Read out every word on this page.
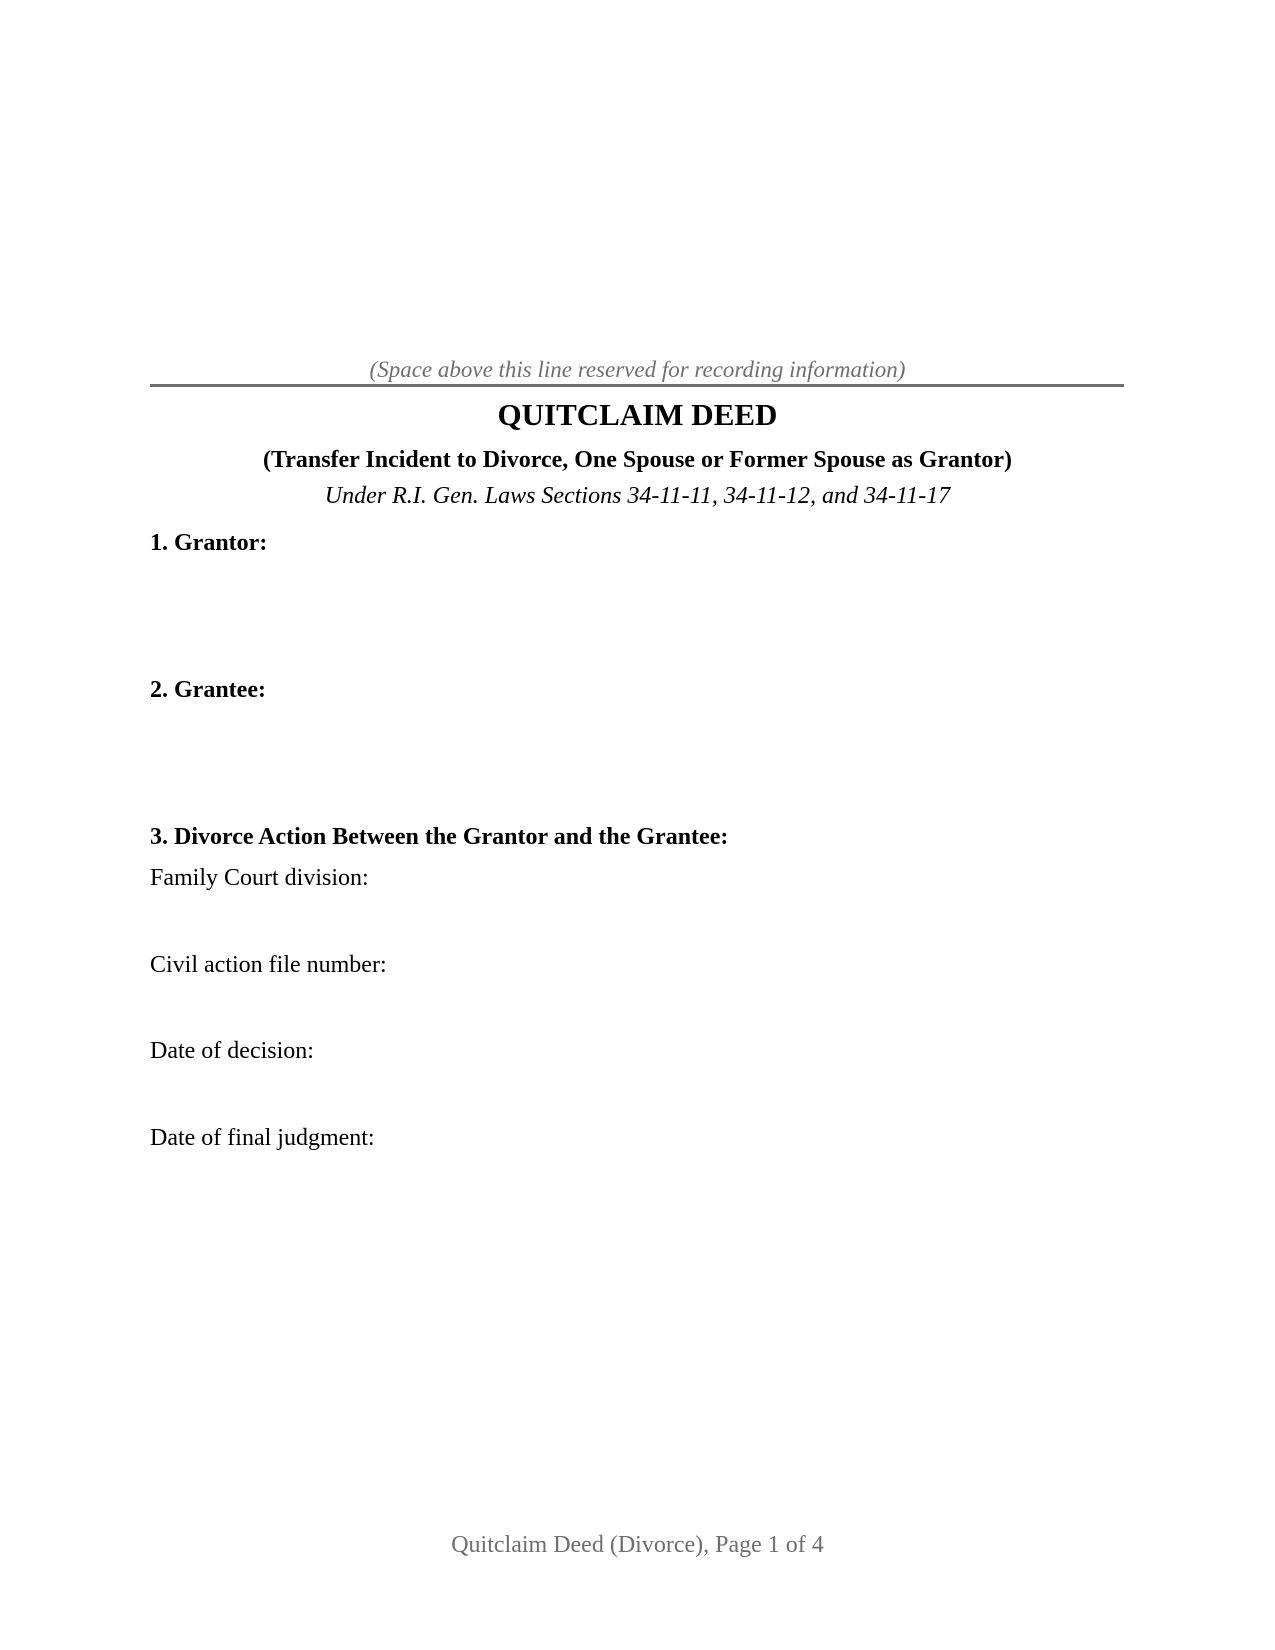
(Space above this line reserved for recording information)
QUITCLAIM DEED
(Transfer Incident to Divorce, One Spouse or Former Spouse as Grantor)
Under R.I. Gen. Laws Sections 34-11-11, 34-11-12, and 34-11-17
1. Grantor:
2. Grantee:
3. Divorce Action Between the Grantor and the Grantee:
Family Court division:
Civil action file number:
Date of decision:
Date of final judgment:
Quitclaim Deed (Divorce), Page 1 of 4
